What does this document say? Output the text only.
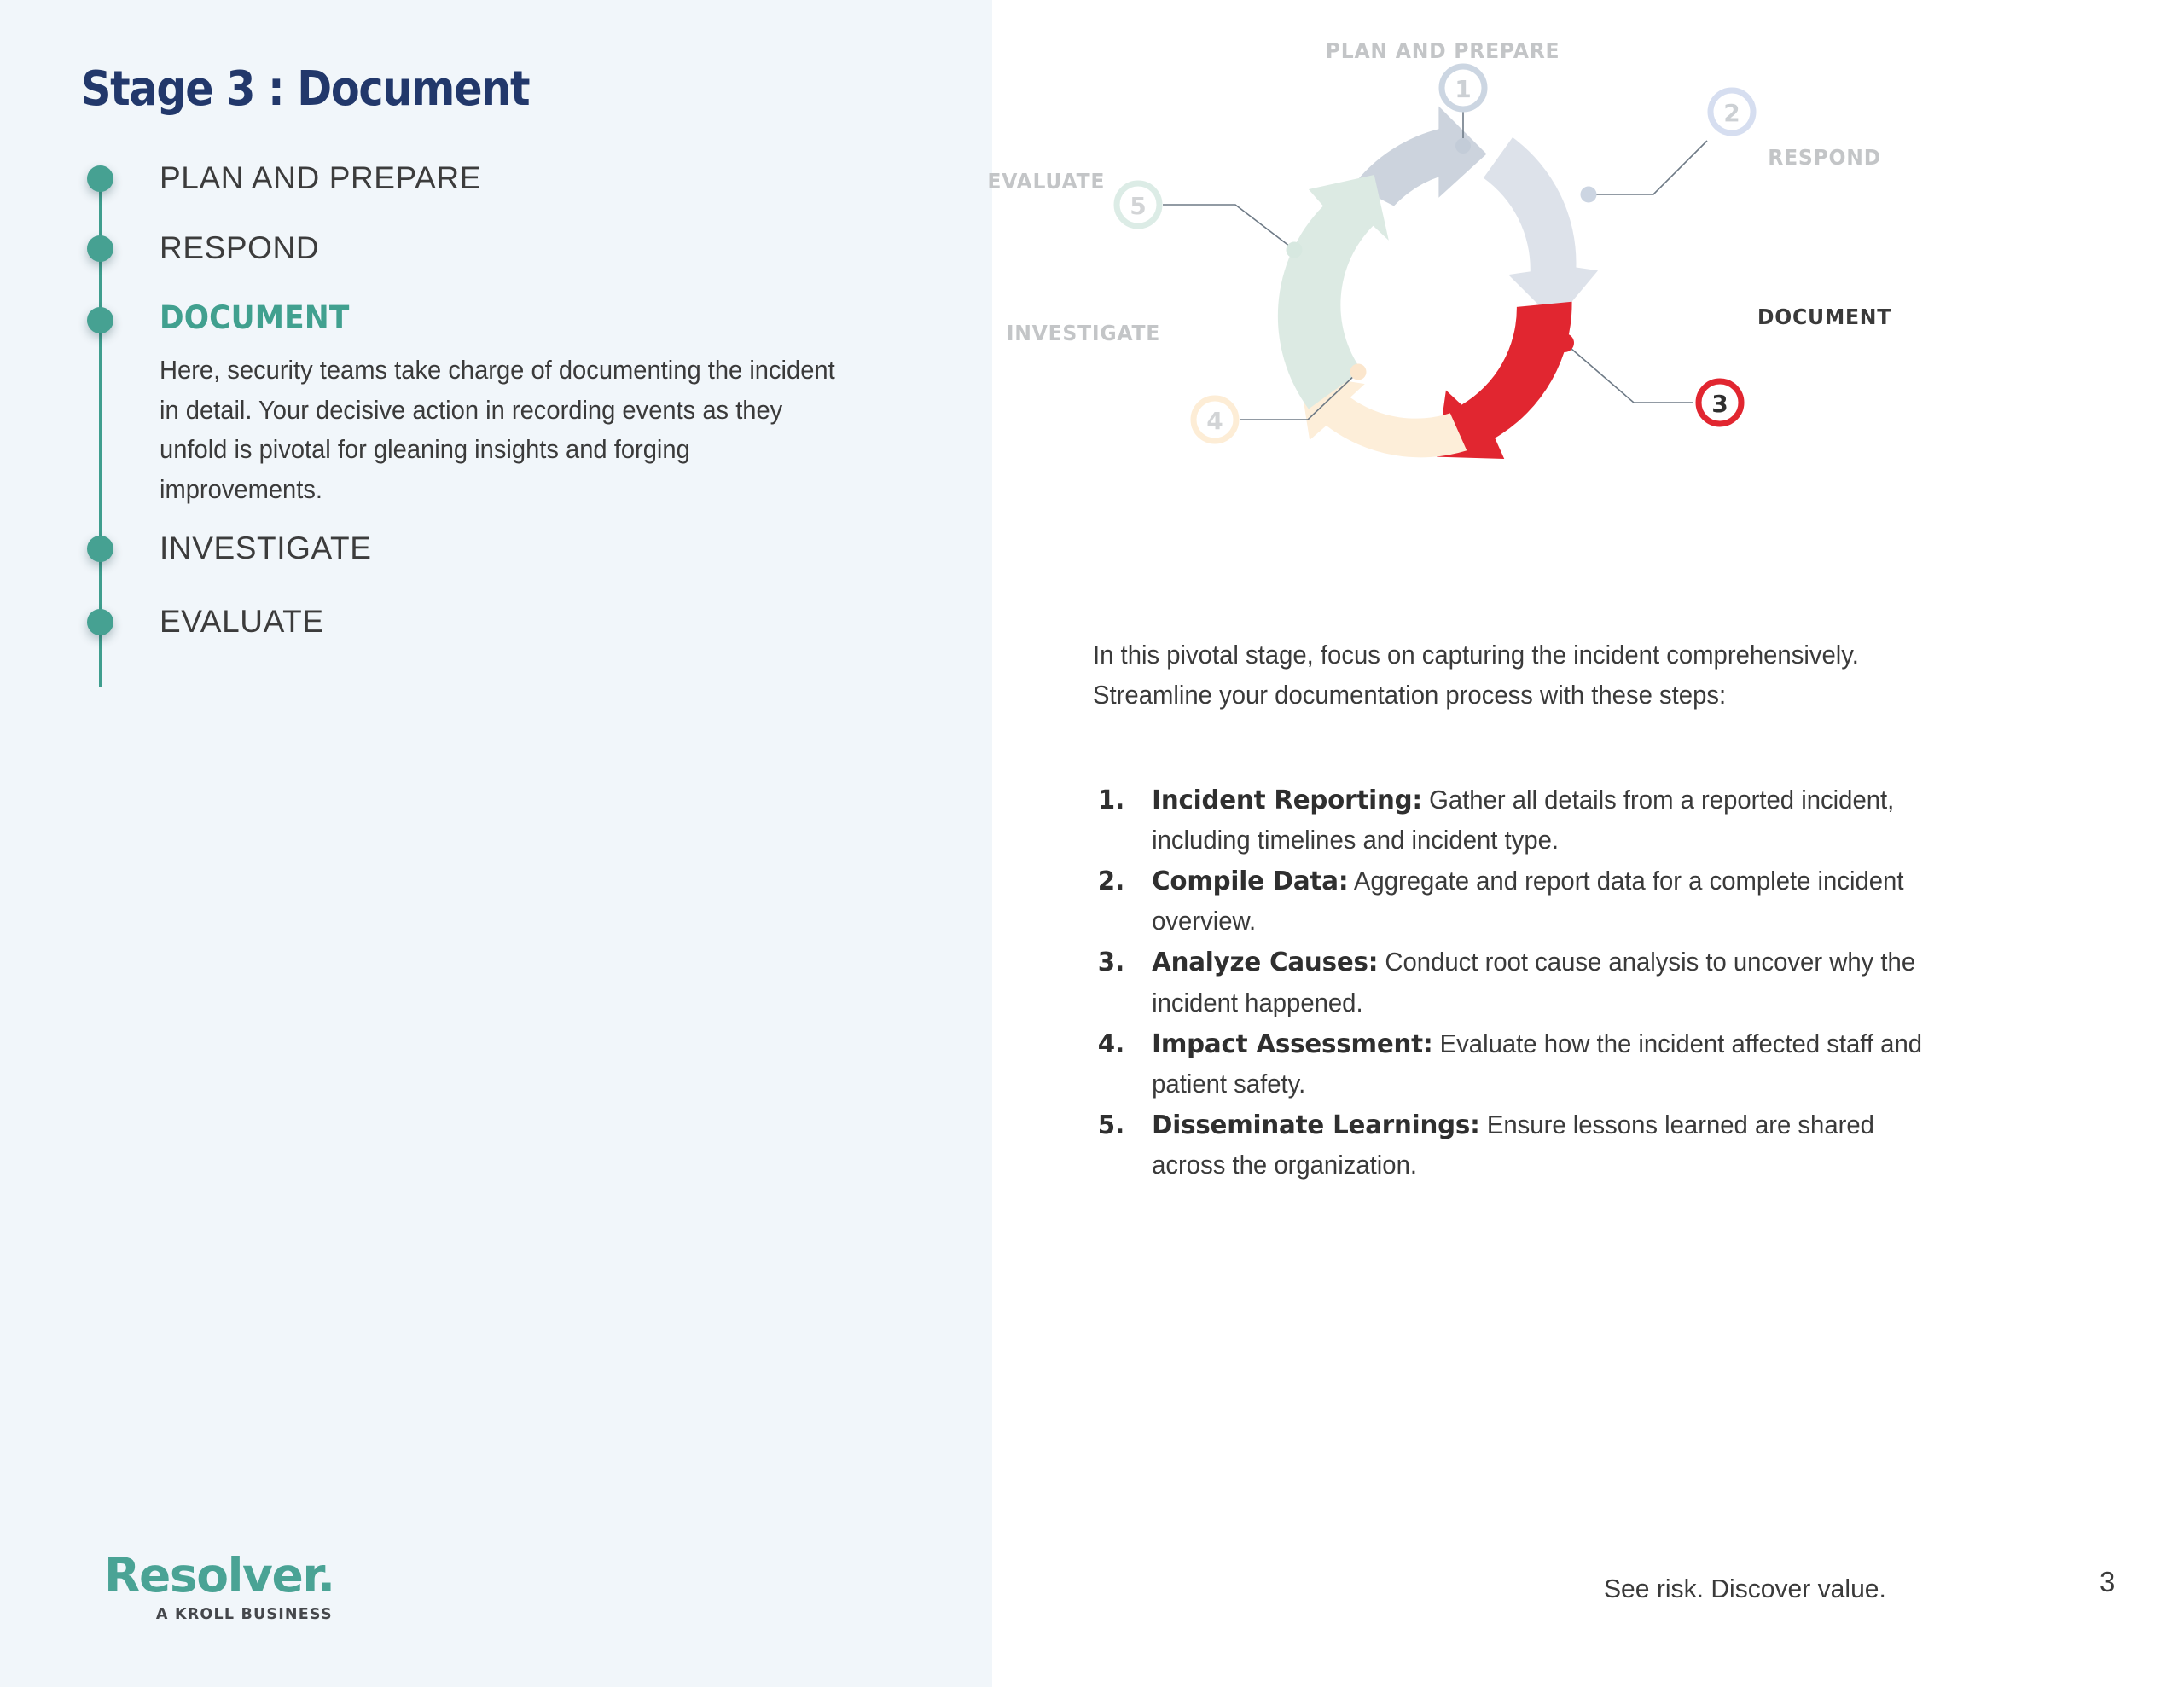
Stage 3 : Document
PLAN AND PREPARE
RESPOND
DOCUMENT
Here, security teams take charge of documenting the incident in detail. Your decisive action in recording events as they unfold is pivotal for gleaning insights and forging improvements.
INVESTIGATE
EVALUATE
Resolver.
A KROLL BUSINESS
1
2
3
4
5
PLAN AND PREPARE
RESPOND
DOCUMENT
INVESTIGATE
EVALUATE
In this pivotal stage, focus on capturing the incident comprehensively. Streamline your documentation process with these steps:
1. Incident Reporting: Gather all details from a reported incident, including timelines and incident type.
2. Compile Data: Aggregate and report data for a complete incident overview.
3. Analyze Causes: Conduct root cause analysis to uncover why the incident happened.
4. Impact Assessment: Evaluate how the incident affected staff and patient safety.
5. Disseminate Learnings: Ensure lessons learned are shared across the organization.
See risk. Discover value.	3
